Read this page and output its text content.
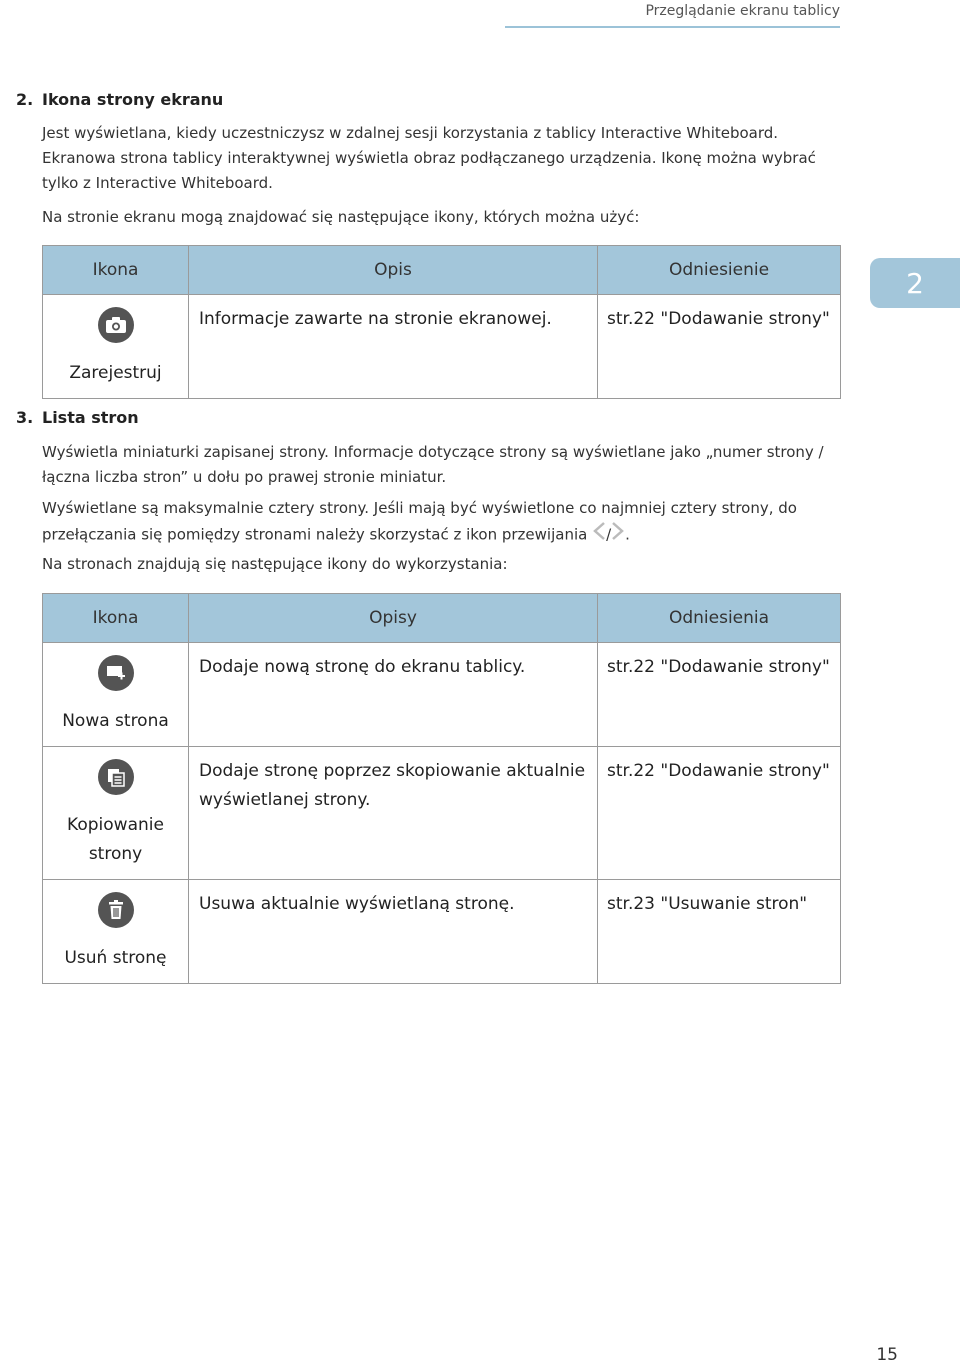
Przeglądanie ekranu tablicy
2. Ikona strony ekranu
Jest wyświetlana, kiedy uczestniczysz w zdalnej sesji korzystania z tablicy Interactive Whiteboard. Ekranowa strona tablicy interaktywnej wyświetla obraz podłączanego urządzenia. Ikonę można wybrać tylko z Interactive Whiteboard.
Na stronie ekranu mogą znajdować się następujące ikony, których można użyć:
Ikona	Opis	Odniesienie

Zarejestruj	Informacje zawarte na stronie ekranowej.	str.22 "Dodawanie strony"
2
3. Lista stron
Wyświetla miniaturki zapisanej strony. Informacje dotyczące strony są wyświetlane jako „numer strony / łączna liczba stron” u dołu po prawej stronie miniatur.
Wyświetlane są maksymalnie cztery strony. Jeśli mają być wyświetlone co najmniej cztery strony, do przełączania się pomiędzy stronami należy skorzystać z ikon przewijania / .
Na stronach znajdują się następujące ikony do wykorzystania:
Ikona	Opisy	Odniesienia

Nowa strona	Dodaje nową stronę do ekranu tablicy.	str.22 "Dodawanie strony"

Kopiowanie strony	Dodaje stronę poprzez skopiowanie aktualnie wyświetlanej strony.	str.22 "Dodawanie strony"

Usuń stronę	Usuwa aktualnie wyświetlaną stronę.	str.23 "Usuwanie stron"
15
